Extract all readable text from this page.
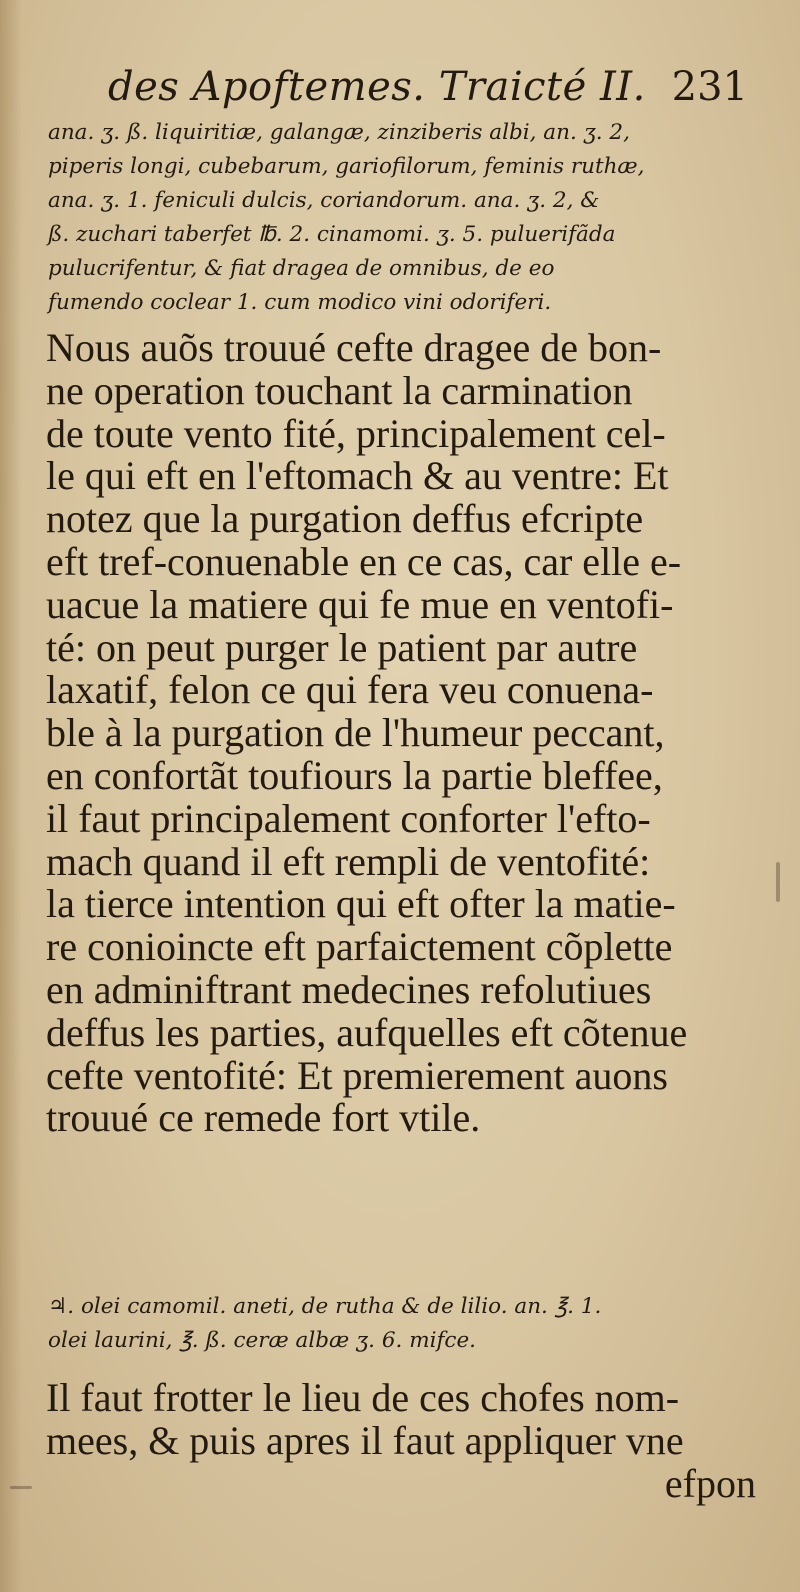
des Apoftemes. Traicté II. 231
ana. ʒ. ß. liquiritiæ, galangæ, zinziberis albi, an. ʒ. 2,
piperis longi, cubebarum, gariofilorum, feminis ruthæ,
ana. ʒ. 1. feniculi dulcis, coriandorum. ana. ʒ. 2, &
ß. zuchari taberfet ℔. 2. cinamomi. ʒ. 5. puluerifãda
pulucrifentur, & fiat dragea de omnibus, de eo
fumendo coclear 1. cum modico vini odoriferi.
Nous auõs trouué cefte dragee de bon-
ne operation touchant la carmination
de toute vento fité, principalement cel-
le qui eft en l'eftomach & au ventre: Et
notez que la purgation deffus efcripte
eft tref-conuenable en ce cas, car elle e-
uacue la matiere qui fe mue en ventofi-
té: on peut purger le patient par autre
laxatif, felon ce qui fera veu conuena-
ble à la purgation de l'humeur peccant,
en confortãt toufiours la partie bleffee,
il faut principalement conforter l'efto-
mach quand il eft rempli de ventofité:
la tierce intention qui eft ofter la matie-
re conioincte eft parfaictement cõplette
en adminiftrant medecines refolutiues
deffus les parties, aufquelles eft cõtenue
cefte ventofité: Et premierement auons
trouué ce remede fort vtile.
♃. olei camomil. aneti, de rutha & de lilio. an. ℥. 1.
olei laurini, ℥. ß. ceræ albæ ʒ. 6. mifce.
Il faut frotter le lieu de ces chofes nom-
mees, & puis apres il faut appliquer vne
efpon
